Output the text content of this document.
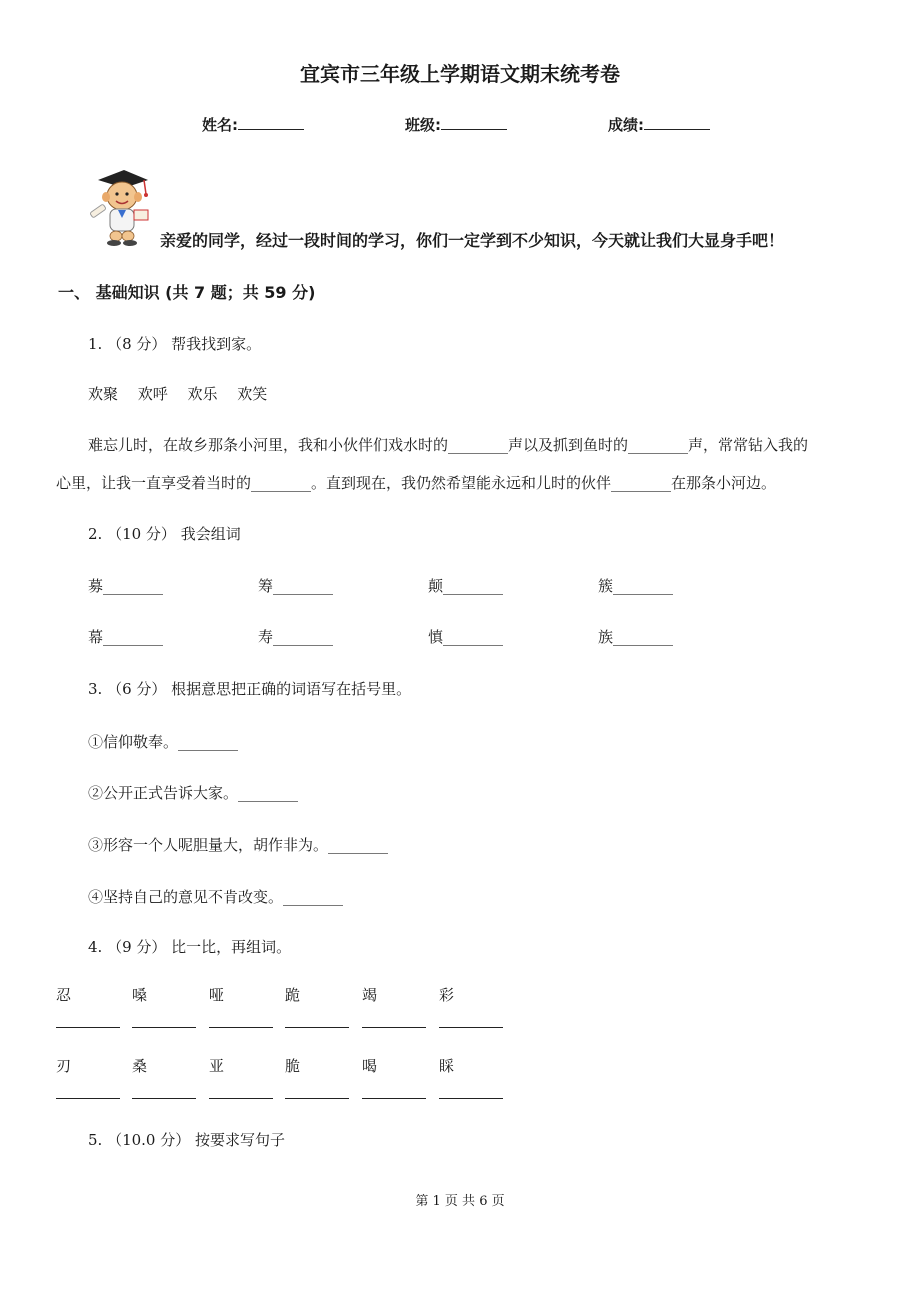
宜宾市三年级上学期语文期末统考卷
姓名:	班级:	成绩:
亲爱的同学，经过一段时间的学习，你们一定学到不少知识，今天就让我们大显身手吧！
一、 基础知识 (共 7 题；共 59 分)
1. （8 分） 帮我找到家。
欢聚　 欢呼　 欢乐　 欢笑
难忘儿时，在故乡那条小河里，我和小伙伴们戏水时的________声以及抓到鱼时的________声，常常钻入我的
心里，让我一直享受着当时的________。直到现在，我仍然希望能永远和儿时的伙伴________在那条小河边。
2. （10 分） 我会组词
募________	筹________	颠________	簇________
幕________	寿________	慎________	族________
3. （6 分） 根据意思把正确的词语写在括号里。
①信仰敬奉。________
②公开正式告诉大家。________
③形容一个人呢胆量大，胡作非为。________
④坚持自己的意见不肯改变。________
4. （9 分） 比一比，再组词。
忍	嗓	哑	跪	竭	彩
刃	桑	亚	脆	喝	睬
5. （10.0 分） 按要求写句子
第 1 页 共 6 页
